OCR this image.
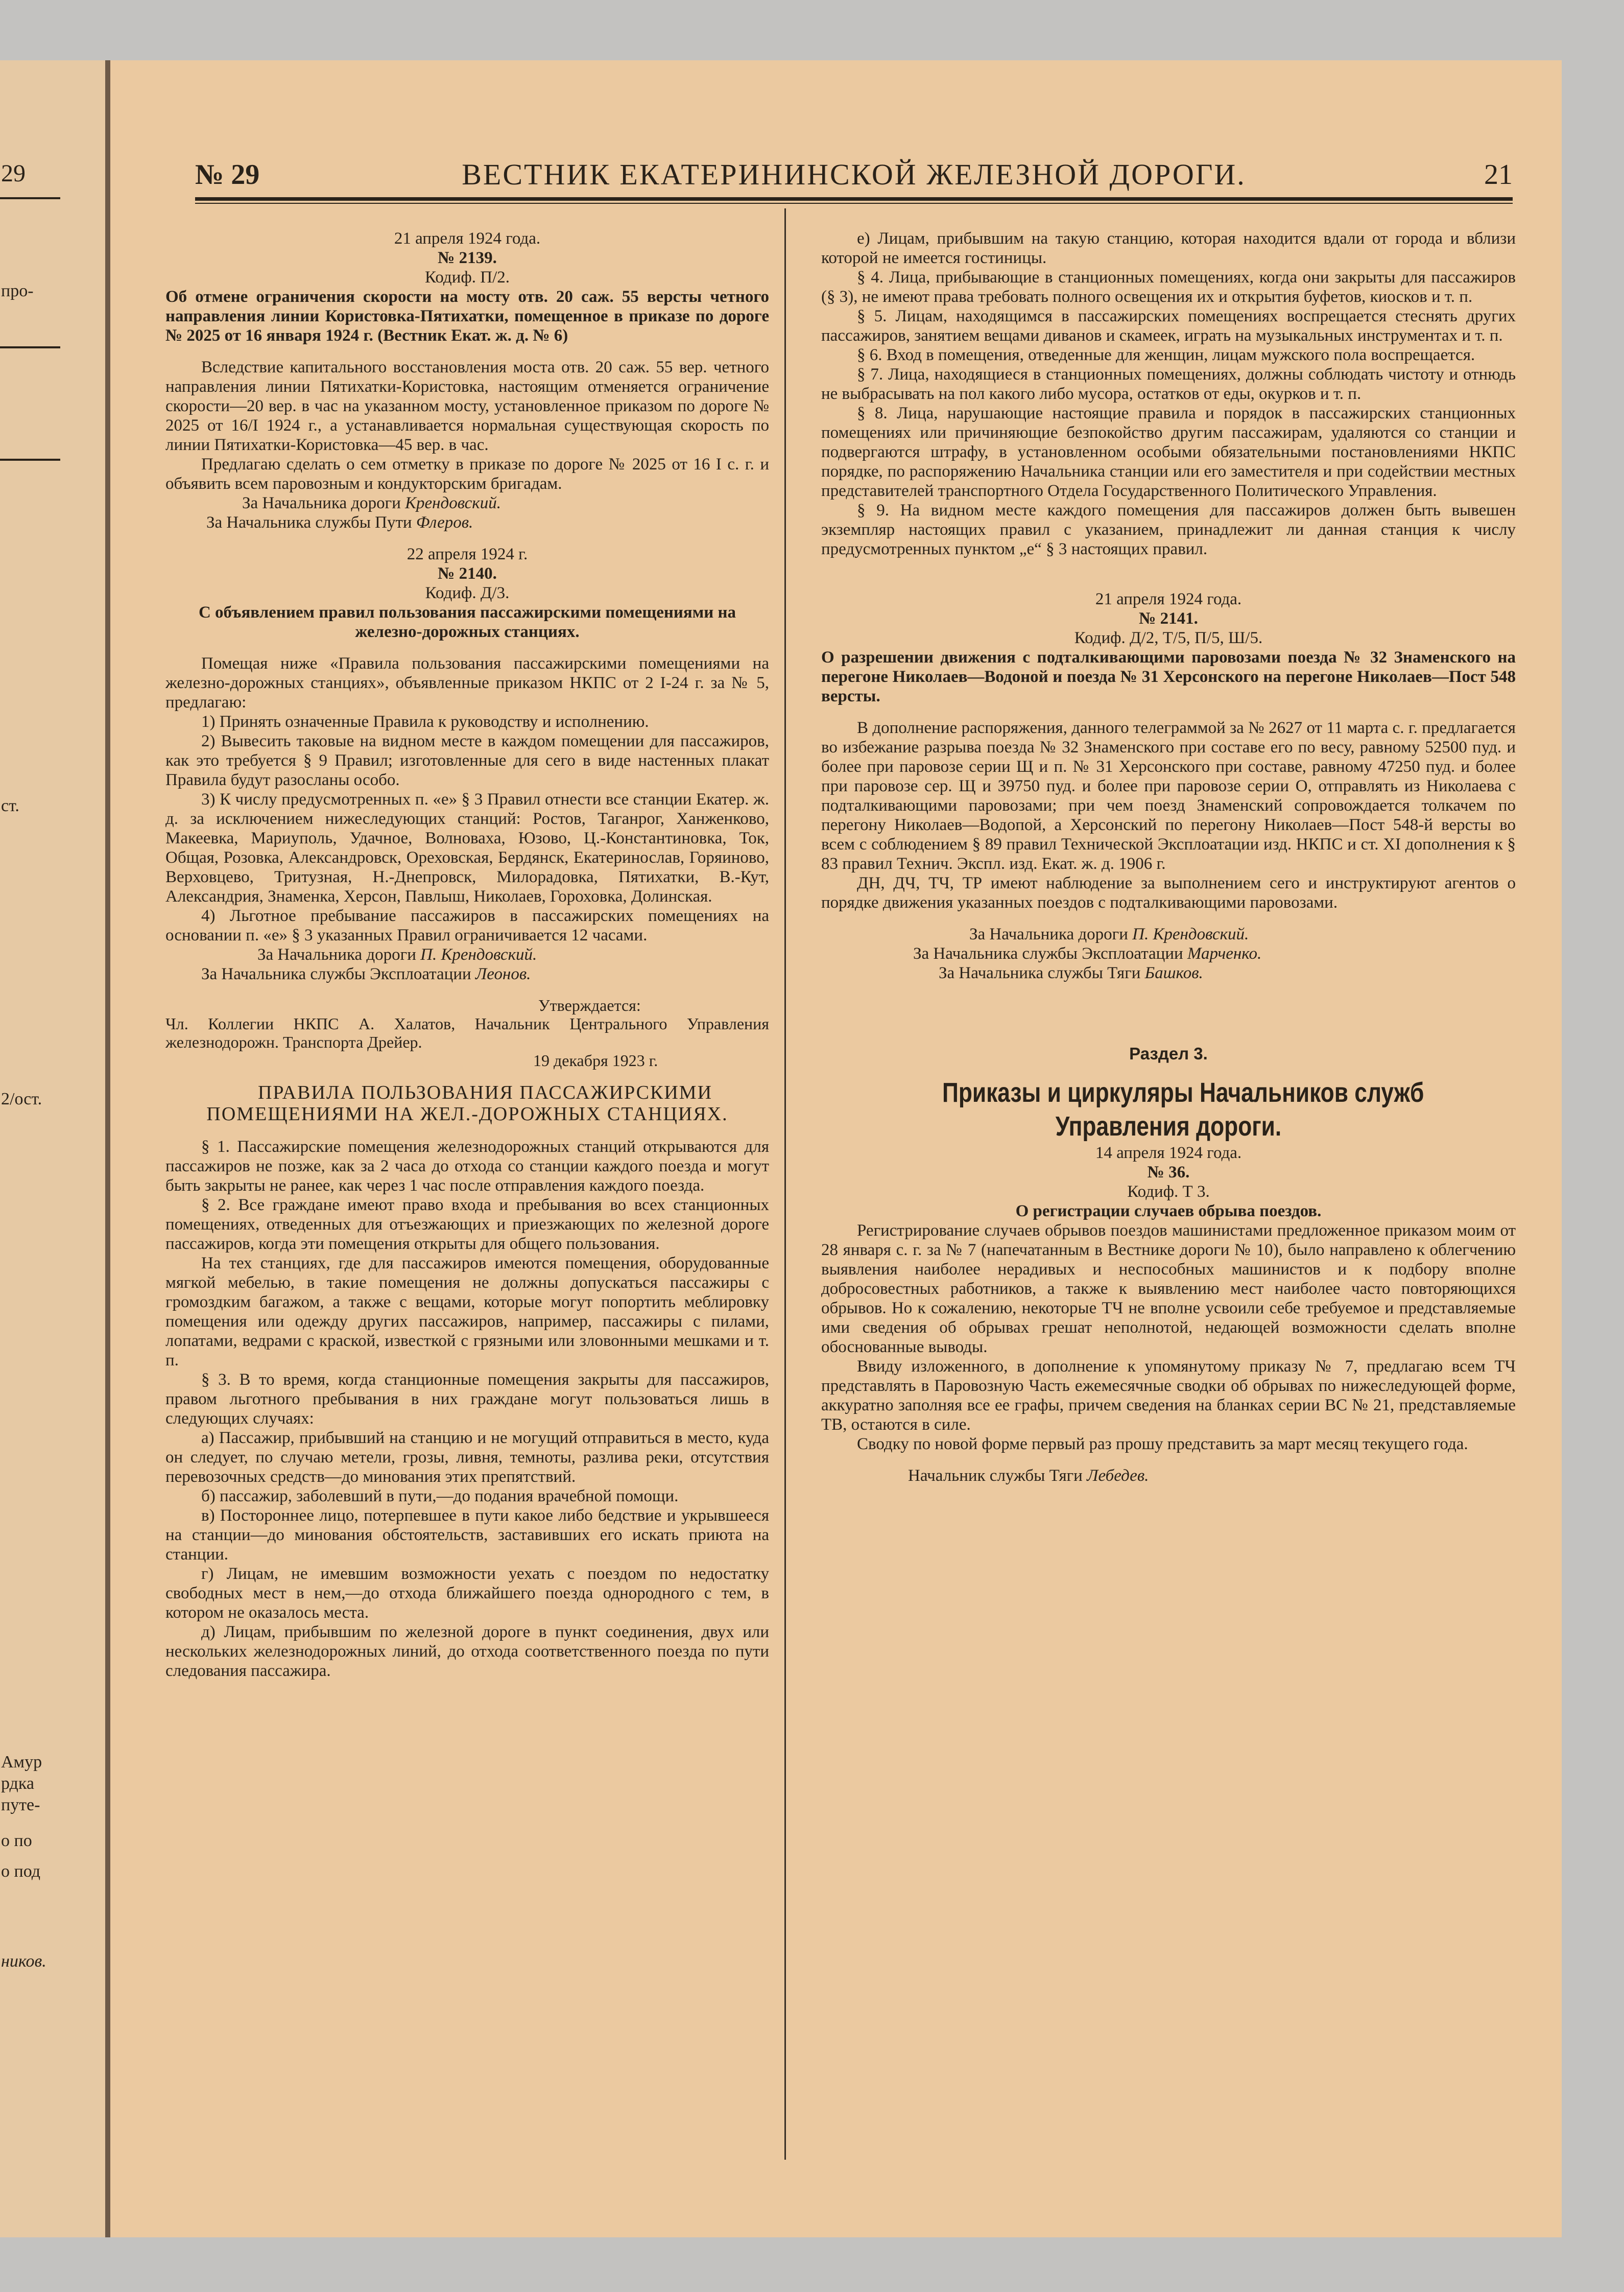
29
про-
ст.
2/ост.
Амур
рдка
путе-
о по
о под
ников.
№ 29	ВЕСТНИК ЕКАТЕРИНИНСКОЙ ЖЕЛЕЗНОЙ ДОРОГИ.	21

21 апреля 1924 года.

№ 2139.

Кодиф. П/2.

Об отмене ограничения скорости на мосту отв. 20 саж. 55 версты четного направления линии Користовка-Пятихатки, помещенное в приказе по дороге № 2025 от 16 января 1924 г. (Вестник Екат. ж. д. № 6)

Вследствие капитального восстановления моста отв. 20 саж. 55 вер. четного направления линии Пятихатки-Користовка, настоящим отменяется ограничение скорости—20 вер. в час на указанном мосту, установленное приказом по дороге № 2025 от 16/I 1924 г., а устанавливается нормальная существующая скорость по линии Пятихатки-Користовка—45 вер. в час.

Предлагаю сделать о сем отметку в приказе по дороге № 2025 от 16 I с. г. и объявить всем паровозным и кондукторским бригадам.

За Начальника дороги Крендовский.

За Начальника службы Пути Флеров.

22 апреля 1924 г.

№ 2140.

Кодиф. Д/3.

С объявлением правил пользования пассажирскими помещениями на железно-дорожных станциях.

Помещая ниже «Правила пользования пассажирскими помещениями на железно-дорожных станциях», объявленные приказом НКПС от 2 I-24 г. за № 5, предлагаю:

1) Принять означенные Правила к руководству и исполнению.

2) Вывесить таковые на видном месте в каждом помещении для пассажиров, как это требуется § 9 Правил; изготовленные для сего в виде настенных плакат Правила будут разосланы особо.

3) К числу предусмотренных п. «е» § 3 Правил отнести все станции Екатер. ж. д. за исключением нижеследующих станций: Ростов, Таганрог, Ханженково, Макеевка, Мариуполь, Удачное, Волноваха, Юзово, Ц.-Константиновка, Ток, Общая, Розовка, Александровск, Ореховская, Бердянск, Екатеринослав, Горяиново, Верховцево, Тритузная, Н.-Днепровск, Милорадовка, Пятихатки, В.-Кут, Александрия, Знаменка, Херсон, Павлыш, Николаев, Гороховка, Долинская.

4) Льготное пребывание пассажиров в пассажирских помещениях на основании п. «е» § 3 указанных Правил ограничивается 12 часами.

За Начальника дороги П. Крендовский.

За Начальника службы Эксплоатации Леонов.

Утверждается:

Чл. Коллегии НКПС А. Халатов, Начальник Центрального Управления железнодорожн. Транспорта Дрейер.

19 декабря 1923 г.

ПРАВИЛА ПОЛЬЗОВАНИЯ ПАССАЖИРСКИМИ ПОМЕЩЕНИЯМИ НА ЖЕЛ.-ДОРОЖНЫХ СТАНЦИЯХ.

§ 1. Пассажирские помещения железнодорожных станций открываются для пассажиров не позже, как за 2 часа до отхода со станции каждого поезда и могут быть закрыты не ранее, как через 1 час после отправления каждого поезда.

§ 2. Все граждане имеют право входа и пребывания во всех станционных помещениях, отведенных для отъезжающих и приезжающих по железной дороге пассажиров, когда эти помещения открыты для общего пользования.

На тех станциях, где для пассажиров имеются помещения, оборудованные мягкой мебелью, в такие помещения не должны допускаться пассажиры с громоздким багажом, а также с вещами, которые могут попортить меблировку помещения или одежду других пассажиров, например, пассажиры с пилами, лопатами, ведрами с краской, известкой с грязными или зловонными мешками и т. п.

§ 3. В то время, когда станционные помещения закрыты для пассажиров, правом льготного пребывания в них граждане могут пользоваться лишь в следующих случаях:

а) Пассажир, прибывший на станцию и не могущий отправиться в место, куда он следует, по случаю метели, грозы, ливня, темноты, разлива реки, отсутствия перевозочных средств—до минования этих препятствий.

б) пассажир, заболевший в пути,—до подания врачебной помощи.

в) Постороннее лицо, потерпевшее в пути какое либо бедствие и укрывшееся на станции—до минования обстоятельств, заставивших его искать приюта на станции.

г) Лицам, не имевшим возможности уехать с поездом по недостатку свободных мест в нем,—до отхода ближайшего поезда однородного с тем, в котором не оказалось места.

д) Лицам, прибывшим по железной дороге в пункт соединения, двух или нескольких железнодорожных линий, до отхода соответственного поезда по пути следования пассажира.

е) Лицам, прибывшим на такую станцию, которая находится вдали от города и вблизи которой не имеется гостиницы.

§ 4. Лица, прибывающие в станционных помещениях, когда они закрыты для пассажиров (§ 3), не имеют права требовать полного освещения их и открытия буфетов, киосков и т. п.

§ 5. Лицам, находящимся в пассажирских помещениях воспрещается стеснять других пассажиров, занятием вещами диванов и скамеек, играть на музыкальных инструментах и т. п.

§ 6. Вход в помещения, отведенные для женщин, лицам мужского пола воспрещается.

§ 7. Лица, находящиеся в станционных помещениях, должны соблюдать чистоту и отнюдь не выбрасывать на пол какого либо мусора, остатков от еды, окурков и т. п.

§ 8. Лица, нарушающие настоящие правила и порядок в пассажирских станционных помещениях или причиняющие безпокойство другим пассажирам, удаляются со станции и подвергаются штрафу, в установленном особыми обязательными постановлениями НКПС порядке, по распоряжению Начальника станции или его заместителя и при содействии местных представителей транспортного Отдела Государственного Политического Управления.

§ 9. На видном месте каждого помещения для пассажиров должен быть вывешен экземпляр настоящих правил с указанием, принадлежит ли данная станция к числу предусмотренных пунктом „е“ § 3 настоящих правил.

21 апреля 1924 года.

№ 2141.

Кодиф. Д/2, Т/5, П/5, Ш/5.

О разрешении движения с подталкивающими паровозами поезда № 32 Знаменского на перегоне Николаев—Водоной и поезда № 31 Херсонского на перегоне Николаев—Пост 548 версты.

В дополнение распоряжения, данного телеграммой за № 2627 от 11 марта с. г. предлагается во избежание разрыва поезда № 32 Знаменского при составе его по весу, равному 52500 пуд. и более при паровозе серии Щ и п. № 31 Херсонского при составе, равному 47250 пуд. и более при паровозе сер. Щ и 39750 пуд. и более при паровозе серии О, отправлять из Николаева с подталкивающими паровозами; при чем поезд Знаменский сопровождается толкачем по перегону Николаев—Водопой, а Херсонский по перегону Николаев—Пост 548-й версты во всем с соблюдением § 89 правил Технической Эксплоатации изд. НКПС и ст. XI дополнения к § 83 правил Технич. Экспл. изд. Екат. ж. д. 1906 г.

ДН, ДЧ, ТЧ, ТР имеют наблюдение за выполнением сего и инструктируют агентов о порядке движения указанных поездов с подталкивающими паровозами.

За Начальника дороги П. Крендовский.

За Начальника службы Эксплоатации Марченко.

За Начальника службы Тяги Башков.

Раздел 3.

Приказы и циркуляры Начальников служб Управления дороги.

14 апреля 1924 года.

№ 36.

Кодиф. Т 3.

О регистрации случаев обрыва поездов.

Регистрирование случаев обрывов поездов машинистами предложенное приказом моим от 28 января с. г. за № 7 (напечатанным в Вестнике дороги № 10), было направлено к облегчению выявления наиболее нерадивых и неспособных машинистов и к подбору вполне добросовестных работников, а также к выявлению мест наиболее часто повторяющихся обрывов. Но к сожалению, некоторые ТЧ не вполне усвоили себе требуемое и представляемые ими сведения об обрывах грешат неполнотой, недающей возможности сделать вполне обоснованные выводы.

Ввиду изложенного, в дополнение к упомянутому приказу № 7, предлагаю всем ТЧ представлять в Паровозную Часть ежемесячные сводки об обрывах по нижеследующей форме, аккуратно заполняя все ее графы, причем сведения на бланках серии ВС № 21, представляемые ТВ, остаются в силе.

Сводку по новой форме первый раз прошу представить за март месяц текущего года.

Начальник службы Тяги Лебедев.
